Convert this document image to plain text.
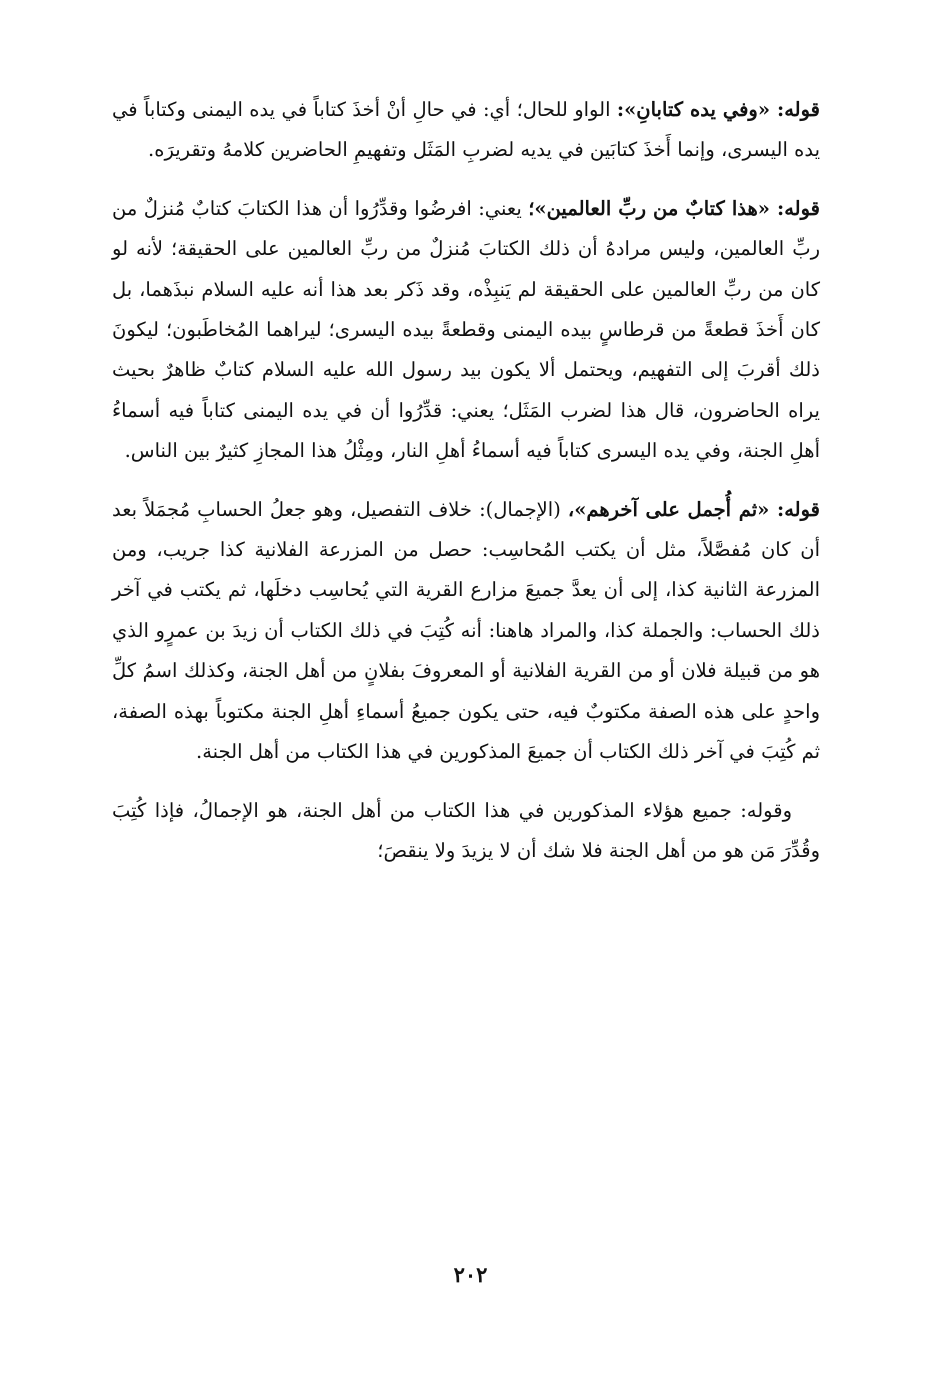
قوله: «وفي يده كتابانِ»: الواو للحال؛ أي: في حالِ أنْ أخذَ كتاباً في يده اليمنى وكتاباً في يده اليسرى، وإنما أَخذَ كتابَين في يديه لضربِ المَثَل وتفهيمِ الحاضرين كلامهُ وتقريرَه.

قوله: «هذا كتابٌ من ربِّ العالمين»؛ يعني: افرضُوا وقدِّرُوا أن هذا الكتابَ كتابٌ مُنزلٌ من ربِّ العالمين، وليس مرادهُ أن ذلك الكتابَ مُنزلٌ من ربِّ العالمين على الحقيقة؛ لأنه لو كان من ربِّ العالمين على الحقيقة لم يَنبِذْه، وقد ذَكر بعد هذا أنه عليه السلام نبذَهما، بل كان أَخذَ قطعةً من قرطاسٍ بيده اليمنى وقطعةً بيده اليسرى؛ ليراهما المُخاطَبون؛ ليكونَ ذلك أقربَ إلى التفهيم، ويحتمل ألا يكون بيد رسول الله عليه السلام كتابٌ ظاهرٌ بحيث يراه الحاضرون، قال هذا لضرب المَثَل؛ يعني: قدِّرُوا أن في يده اليمنى كتاباً فيه أسماءُ أهلِ الجنة، وفي يده اليسرى كتاباً فيه أسماءُ أهلِ النار، ومِثْلُ هذا المجازِ كثيرٌ بين الناس.

قوله: «ثم أُجمل على آخرهم»، (الإجمال): خلاف التفصيل، وهو جعلُ الحسابِ مُجمَلاً بعد أن كان مُفصَّلاً، مثل أن يكتب المُحاسِب: حصل من المزرعة الفلانية كذا جريب، ومن المزرعة الثانية كذا، إلى أن يعدَّ جميعَ مزارع القرية التي يُحاسِب دخلَها، ثم يكتب في آخر ذلك الحساب: والجملة كذا، والمراد هاهنا: أنه كُتِبَ في ذلك الكتاب أن زيدَ بن عمرٍو الذي هو من قبيلة فلان أو من القرية الفلانية أو المعروفَ بفلانٍ من أهل الجنة، وكذلك اسمُ كلِّ واحدٍ على هذه الصفة مكتوبٌ فيه، حتى يكون جميعُ أسماءِ أهلِ الجنة مكتوباً بهذه الصفة، ثم كُتِبَ في آخر ذلك الكتاب أن جميعَ المذكورين في هذا الكتاب من أهل الجنة.

وقوله: جميع هؤلاء المذكورين في هذا الكتاب من أهل الجنة، هو الإجمالُ، فإذا كُتِبَ وقُدِّرَ مَن هو من أهل الجنة فلا شك أن لا يزيدَ ولا ينقصَ؛

٢٠٢
